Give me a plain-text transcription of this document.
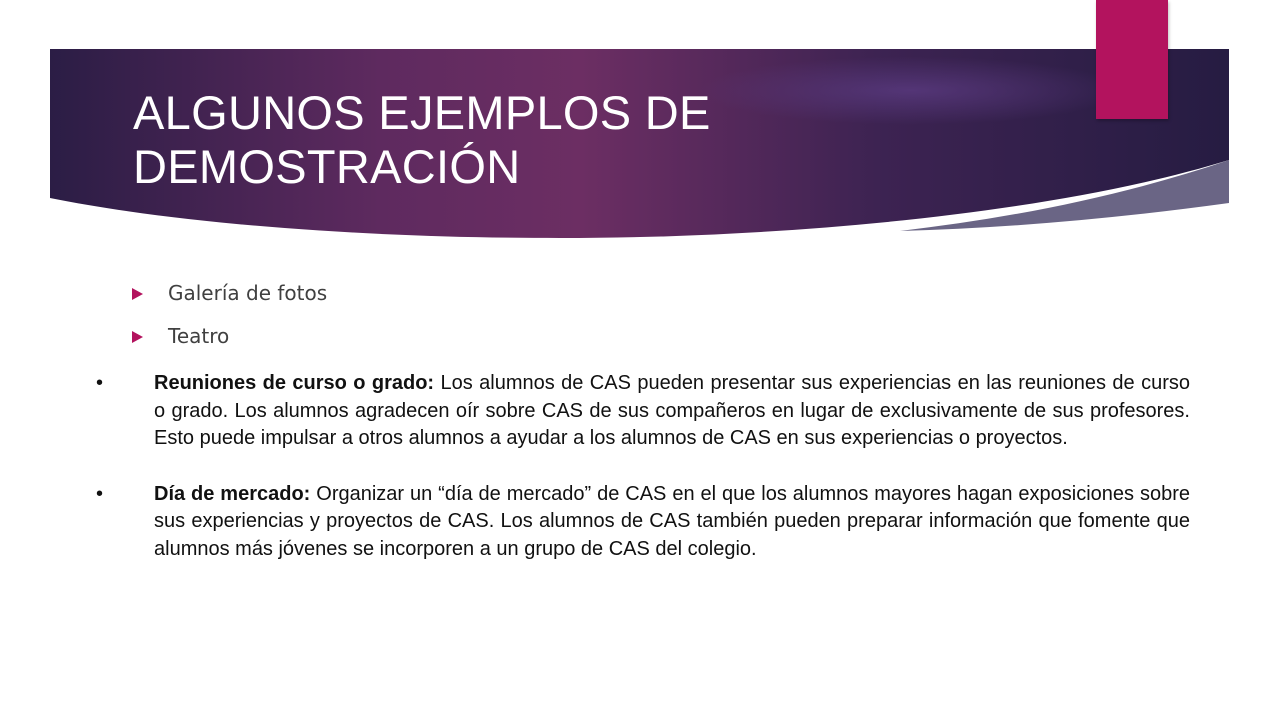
ALGUNOS EJEMPLOS DE
DEMOSTRACIÓN
Galería de fotos
Teatro
•	Reuniones de curso o grado: Los alumnos de CAS pueden presentar sus experiencias en las reuniones de curso o grado. Los alumnos agradecen oír sobre CAS de sus compañeros en lugar de exclusivamente de sus profesores. Esto puede impulsar a otros alumnos a ayudar a los alumnos de CAS en sus experiencias o proyectos.
•	Día de mercado: Organizar un “día de mercado” de CAS en el que los alumnos mayores hagan exposiciones sobre sus experiencias y proyectos de CAS. Los alumnos de CAS también pueden preparar información que fomente que alumnos más jóvenes se incorporen a un grupo de CAS del colegio.
